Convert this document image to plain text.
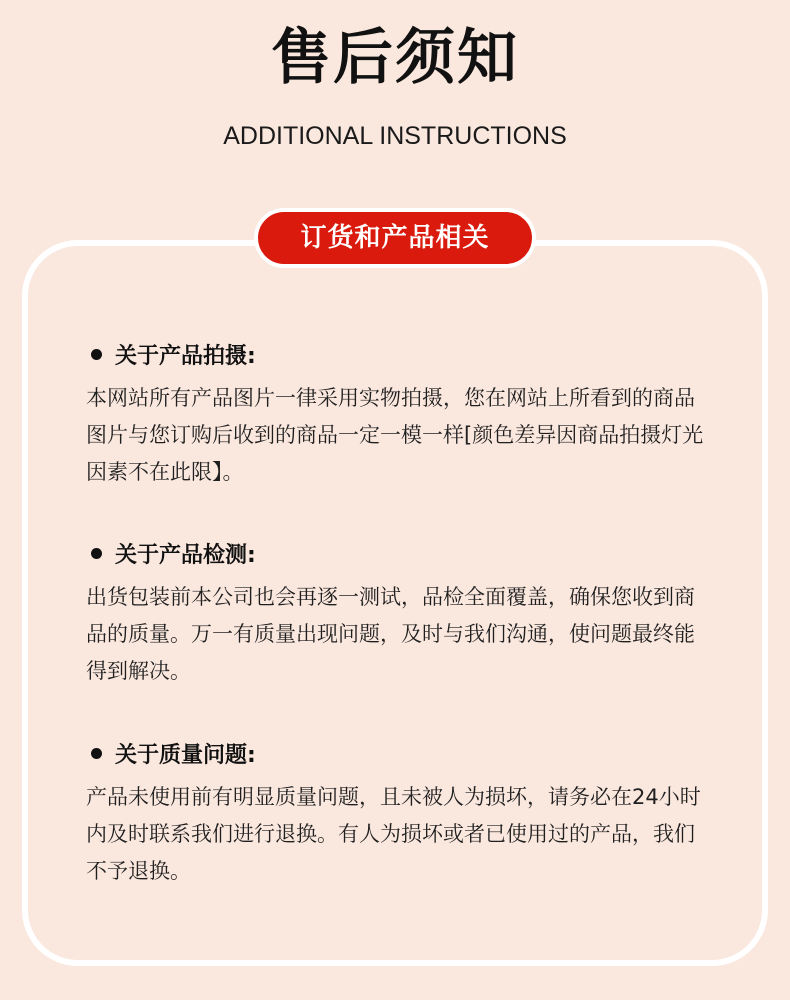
售后须知
ADDITIONAL INSTRUCTIONS
订货和产品相关
关于产品拍摄:
本网站所有产品图片一律采用实物拍摄，您在网站上所看到的商品图片与您订购后收到的商品一定一模一样[颜色差异因商品拍摄灯光因素不在此限】。
关于产品检测:
出货包装前本公司也会再逐一测试，品检全面覆盖，确保您收到商品的质量。万一有质量出现问题，及时与我们沟通，使问题最终能得到解决。
关于质量问题:
产品未使用前有明显质量问题，且未被人为损坏，请务必在24小时内及时联系我们进行退换。有人为损坏或者已使用过的产品，我们不予退换。
